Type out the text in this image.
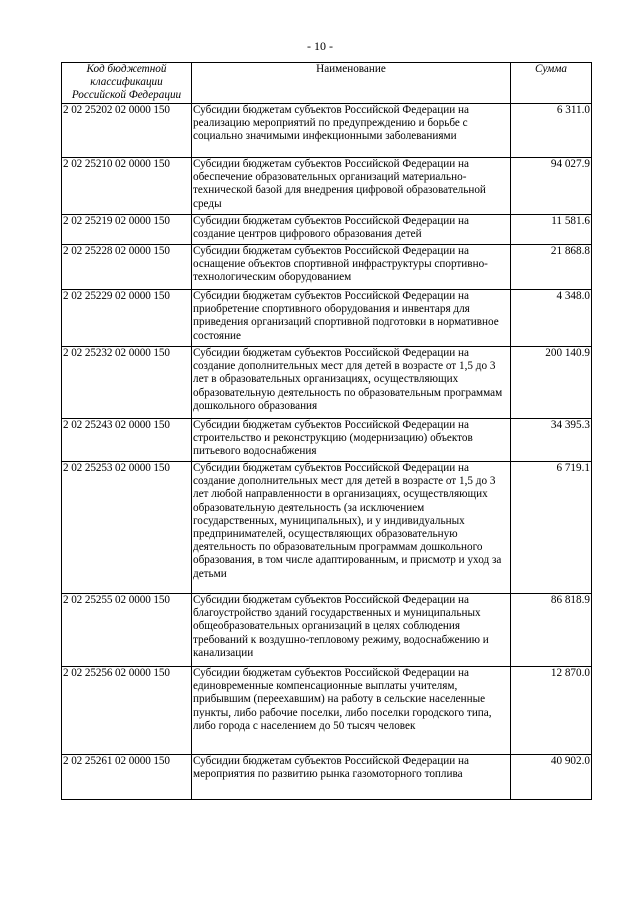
- 10 -
Код бюджетной классификации Российской Федерации	Наименование	Сумма
2 02 25202 02 0000 150	Субсидии бюджетам субъектов Российской Федерации на реализацию мероприятий по предупреждению и борьбе с социально значимыми инфекционными заболеваниями	6 311.0
2 02 25210 02 0000 150	Субсидии бюджетам субъектов Российской Федерации на обеспечение образовательных организаций материально-технической базой для внедрения цифровой образовательной среды	94 027.9
2 02 25219 02 0000 150	Субсидии бюджетам субъектов Российской Федерации на создание центров цифрового образования детей	11 581.6
2 02 25228 02 0000 150	Субсидии бюджетам субъектов Российской Федерации на оснащение объектов спортивной инфраструктуры спортивно-технологическим оборудованием	21 868.8
2 02 25229 02 0000 150	Субсидии бюджетам субъектов Российской Федерации на приобретение спортивного оборудования и инвентаря для приведения организаций спортивной подготовки в нормативное состояние	4 348.0
2 02 25232 02 0000 150	Субсидии бюджетам субъектов Российской Федерации на создание дополнительных мест для детей в возрасте от 1,5 до 3 лет в образовательных организациях, осуществляющих образовательную деятельность по образовательным программам дошкольного образования	200 140.9
2 02 25243 02 0000 150	Субсидии бюджетам субъектов Российской Федерации на строительство и реконструкцию (модернизацию) объектов питьевого водоснабжения	34 395.3
2 02 25253 02 0000 150	Субсидии бюджетам субъектов Российской Федерации на создание дополнительных мест для детей в возрасте от 1,5 до 3 лет любой направленности в организациях, осуществляющих образовательную деятельность (за исключением государственных, муниципальных), и у индивидуальных предпринимателей, осуществляющих образовательную деятельность по образовательным программам дошкольного образования, в том числе адаптированным, и присмотр и уход за детьми	6 719.1
2 02 25255 02 0000 150	Субсидии бюджетам субъектов Российской Федерации на благоустройство зданий государственных и муниципальных общеобразовательных организаций в целях соблюдения требований к воздушно-тепловому режиму, водоснабжению и канализации	86 818.9
2 02 25256 02 0000 150	Субсидии бюджетам субъектов Российской Федерации на единовременные компенсационные выплаты учителям, прибывшим (переехавшим) на работу в сельские населенные пункты, либо рабочие поселки, либо поселки городского типа, либо города с населением до 50 тысяч человек	12 870.0
2 02 25261 02 0000 150	Субсидии бюджетам субъектов Российской Федерации на мероприятия по развитию рынка газомоторного топлива	40 902.0
